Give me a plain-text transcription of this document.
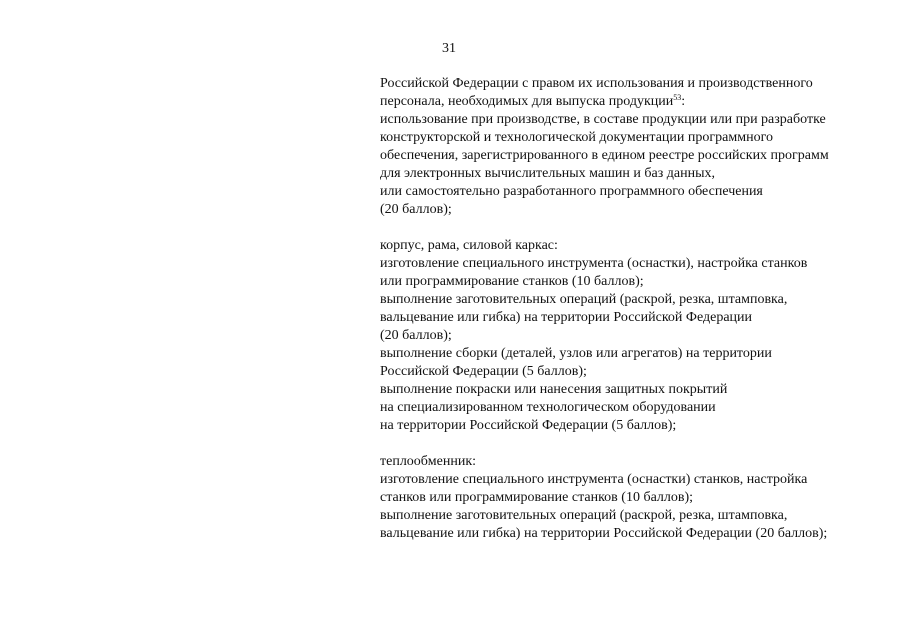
31
Российской Федерации с правом их использования и производственного
персонала, необходимых для выпуска продукции$^{53}$:
использование при производстве, в составе продукции или при разработке
конструкторской и технологической документации программного
обеспечения, зарегистрированного в едином реестре российских программ
для электронных вычислительных машин и баз данных,
или самостоятельно разработанного программного обеспечения
(20 баллов);
корпус, рама, силовой каркас:
изготовление специального инструмента (оснастки), настройка станков
или программирование станков (10 баллов);
выполнение заготовительных операций (раскрой, резка, штамповка,
вальцевание или гибка) на территории Российской Федерации
(20 баллов);
выполнение сборки (деталей, узлов или агрегатов) на территории
Российской Федерации (5 баллов);
выполнение покраски или нанесения защитных покрытий
на специализированном технологическом оборудовании
на территории Российской Федерации (5 баллов);
теплообменник:
изготовление специального инструмента (оснастки) станков, настройка
станков или программирование станков (10 баллов);
выполнение заготовительных операций (раскрой, резка, штамповка,
вальцевание или гибка) на территории Российской Федерации (20 баллов);
